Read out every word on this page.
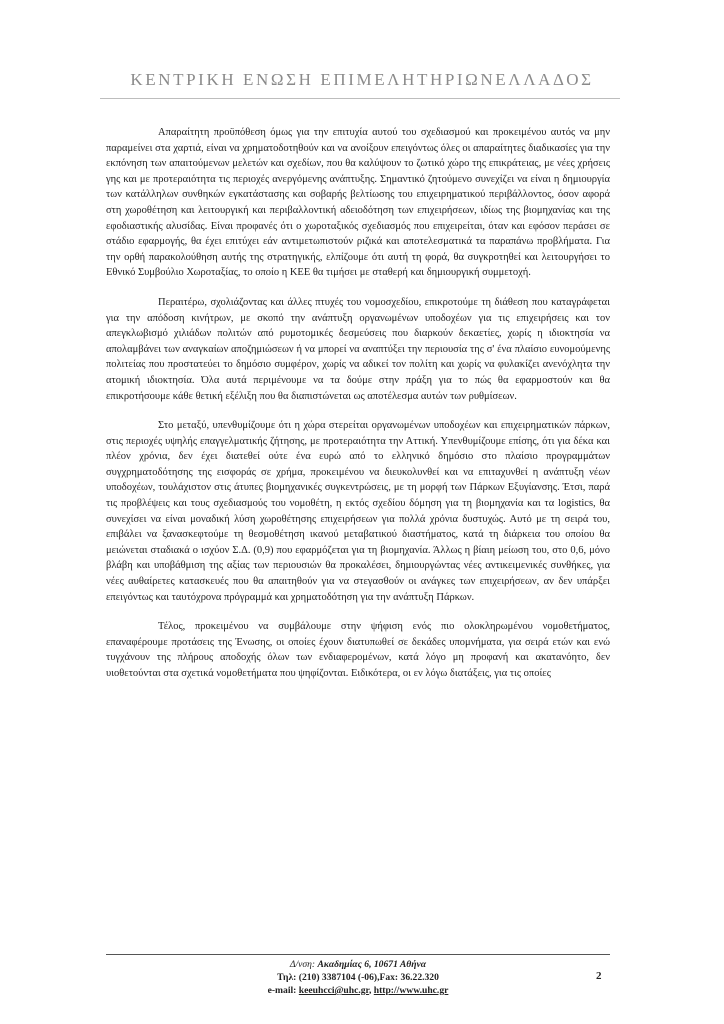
ΚΕΝΤΡΙΚΗ ΕΝΩΣΗ ΕΠΙΜΕΛΗΤΗΡΙΩΝΕΛΛΑΔΟΣ

Απαραίτητη προϋπόθεση όμως για την επιτυχία αυτού του σχεδιασμού και προκειμένου αυτός να μην παραμείνει στα χαρτιά, είναι να χρηματοδοτηθούν και να ανοίξουν επειγόντως όλες οι απαραίτητες διαδικασίες για την εκπόνηση των απαιτούμενων μελετών και σχεδίων, που θα καλύψουν το ζωτικό χώρο της επικράτειας, με νέες χρήσεις γης και με προτεραιότητα τις περιοχές ανεργόμενης ανάπτυξης. Σημαντικό ζητούμενο συνεχίζει να είναι η δημιουργία των κατάλληλων συνθηκών εγκατάστασης και σοβαρής βελτίωσης του επιχειρηματικού περιβάλλοντος, όσον αφορά στη χωροθέτηση και λειτουργική και περιβαλλοντική αδειοδότηση των επιχειρήσεων, ιδίως της βιομηχανίας και της εφοδιαστικής αλυσίδας. Είναι προφανές ότι ο χωροταξικός σχεδιασμός που επιχειρείται, όταν και εφόσον περάσει σε στάδιο εφαρμογής, θα έχει επιτύχει εάν αντιμετωπιστούν ριζικά και αποτελεσματικά τα παραπάνω προβλήματα. Για την ορθή παρακολούθηση αυτής της στρατηγικής, ελπίζουμε ότι αυτή τη φορά, θα συγκροτηθεί και λειτουργήσει το Εθνικό Συμβούλιο Χωροταξίας, το οποίο η ΚΕΕ θα τιμήσει με σταθερή και δημιουργική συμμετοχή.

Περαιτέρω, σχολιάζοντας και άλλες πτυχές του νομοσχεδίου, επικροτούμε τη διάθεση που καταγράφεται για την απόδοση κινήτρων, με σκοπό την ανάπτυξη οργανωμένων υποδοχέων για τις επιχειρήσεις και τον απεγκλωβισμό χιλιάδων πολιτών από ρυμοτομικές δεσμεύσεις που διαρκούν δεκαετίες, χωρίς η ιδιοκτησία να απολαμβάνει των αναγκαίων αποζημιώσεων ή να μπορεί να αναπτύξει την περιουσία της σ' ένα πλαίσιο ευνομούμενης πολιτείας που προστατεύει το δημόσιο συμφέρον, χωρίς να αδικεί τον πολίτη και χωρίς να φυλακίζει ανενόχλητα την ατομική ιδιοκτησία. Όλα αυτά περιμένουμε να τα δούμε στην πράξη για το πώς θα εφαρμοστούν και θα επικροτήσουμε κάθε θετική εξέλιξη που θα διαπιστώνεται ως αποτέλεσμα αυτών των ρυθμίσεων.

Στο μεταξύ, υπενθυμίζουμε ότι η χώρα στερείται οργανωμένων υποδοχέων και επιχειρηματικών πάρκων, στις περιοχές υψηλής επαγγελματικής ζήτησης, με προτεραιότητα την Αττική. Υπενθυμίζουμε επίσης, ότι για δέκα και πλέον χρόνια, δεν έχει διατεθεί ούτε ένα ευρώ από το ελληνικό δημόσιο στο πλαίσιο προγραμμάτων συγχρηματοδότησης της εισφοράς σε χρήμα, προκειμένου να διευκολυνθεί και να επιταχυνθεί η ανάπτυξη νέων υποδοχέων, τουλάχιστον στις άτυπες βιομηχανικές συγκεντρώσεις, με τη μορφή των Πάρκων Εξυγίανσης. Έτσι, παρά τις προβλέψεις και τους σχεδιασμούς του νομοθέτη, η εκτός σχεδίου δόμηση για τη βιομηχανία και τα logistics, θα συνεχίσει να είναι μοναδική λύση χωροθέτησης επιχειρήσεων για πολλά χρόνια δυστυχώς. Αυτό με τη σειρά του, επιβάλει να ξανασκεφτούμε τη θεσμοθέτηση ικανού μεταβατικού διαστήματος, κατά τη διάρκεια του οποίου θα μειώνεται σταδιακά ο ισχύον Σ.Δ. (0,9) που εφαρμόζεται για τη βιομηχανία. Άλλως η βίαιη μείωση του, στο 0,6, μόνο βλάβη και υποβάθμιση της αξίας των περιουσιών θα προκαλέσει, δημιουργώντας νέες αντικειμενικές συνθήκες, για νέες αυθαίρετες κατασκευές που θα απαιτηθούν για να στεγασθούν οι ανάγκες των επιχειρήσεων, αν δεν υπάρξει επειγόντως και ταυτόχρονα πρόγραμμά και χρηματοδότηση για την ανάπτυξη Πάρκων.

Τέλος, προκειμένου να συμβάλουμε στην ψήφιση ενός πιο ολοκληρωμένου νομοθετήματος, επαναφέρουμε προτάσεις της Ένωσης, οι οποίες έχουν διατυπωθεί σε δεκάδες υπομνήματα, για σειρά ετών και ενώ τυγχάνουν της πλήρους αποδοχής όλων των ενδιαφερομένων, κατά λόγο μη προφανή και ακατανόητο, δεν υιοθετούνται στα σχετικά νομοθετήματα που ψηφίζονται. Ειδικότερα, οι εν λόγω διατάξεις, για τις οποίες

Δ/νση: Ακαδημίας 6, 10671 Αθήνα
Τηλ: (210) 3387104 (-06),Fax: 36.22.320
e-mail: keeuhcci@uhc.gr, http://www.uhc.gr
2
